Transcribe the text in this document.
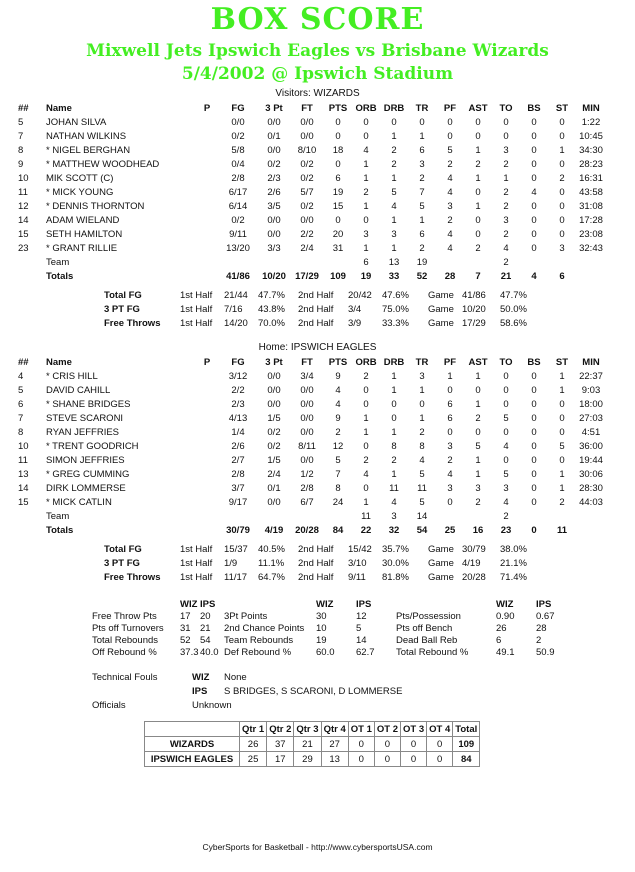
BOX SCORE
Mixwell Jets Ipswich Eagles vs Brisbane Wizards
5/4/2002 @ Ipswich Stadium
Visitors: WIZARDS
##	Name	P	FG	3 Pt	FT	PTS	ORB	DRB	TR	PF	AST	TO	BS	ST	MIN
5	JOHAN SILVA		0/0	0/0	0/0	0	0	0	0	0	0	0	0	0	1:22
7	NATHAN WILKINS		0/2	0/1	0/0	0	0	1	1	0	0	0	0	0	10:45
8	* NIGEL BERGHAN		5/8	0/0	8/10	18	4	2	6	5	1	3	0	1	34:30
9	* MATTHEW WOODHEAD		0/4	0/2	0/2	0	1	2	3	2	2	2	0	0	28:23
10	MIK SCOTT (C)		2/8	2/3	0/2	6	1	1	2	4	1	1	0	2	16:31
11	* MICK YOUNG		6/17	2/6	5/7	19	2	5	7	4	0	2	4	0	43:58
12	* DENNIS THORNTON		6/14	3/5	0/2	15	1	4	5	3	1	2	0	0	31:08
14	ADAM WIELAND		0/2	0/0	0/0	0	0	1	1	2	0	3	0	0	17:28
15	SETH HAMILTON		9/11	0/0	2/2	20	3	3	6	4	0	2	0	0	23:08
23	* GRANT RILLIE		13/20	3/3	2/4	31	1	1	2	4	2	4	0	3	32:43
	Team						6	13	19			2			
	Totals		41/86	10/20	17/29	109	19	33	52	28	7	21	4	6	
Total FG	1st Half	21/44	47.7%	2nd Half	20/42	47.6%	Game	41/86	47.7%
3 PT FG	1st Half	7/16	43.8%	2nd Half	3/4	75.0%	Game	10/20	50.0%
Free Throws	1st Half	14/20	70.0%	2nd Half	3/9	33.3%	Game	17/29	58.6%
Home: IPSWICH EAGLES
##	Name	P	FG	3 Pt	FT	PTS	ORB	DRB	TR	PF	AST	TO	BS	ST	MIN
4	* CRIS HILL		3/12	0/0	3/4	9	2	1	3	1	1	0	0	1	22:37
5	DAVID CAHILL		2/2	0/0	0/0	4	0	1	1	0	0	0	0	1	9:03
6	* SHANE BRIDGES		2/3	0/0	0/0	4	0	0	0	6	1	0	0	0	18:00
7	STEVE SCARONI		4/13	1/5	0/0	9	1	0	1	6	2	5	0	0	27:03
8	RYAN JEFFRIES		1/4	0/2	0/0	2	1	1	2	0	0	0	0	0	4:51
10	* TRENT GOODRICH		2/6	0/2	8/11	12	0	8	8	3	5	4	0	5	36:00
11	SIMON JEFFRIES		2/7	1/5	0/0	5	2	2	4	2	1	0	0	0	19:44
13	* GREG CUMMING		2/8	2/4	1/2	7	4	1	5	4	1	5	0	1	30:06
14	DIRK LOMMERSE		3/7	0/1	2/8	8	0	11	11	3	3	3	0	1	28:30
15	* MICK CATLIN		9/17	0/0	6/7	24	1	4	5	0	2	4	0	2	44:03
	Team						11	3	14			2			
	Totals		30/79	4/19	20/28	84	22	32	54	25	16	23	0	11	
Total FG	1st Half	15/37	40.5%	2nd Half	15/42	35.7%	Game	30/79	38.0%
3 PT FG	1st Half	1/9	11.1%	2nd Half	3/10	30.0%	Game	4/19	21.1%
Free Throws	1st Half	11/17	64.7%	2nd Half	9/11	81.8%	Game	20/28	71.4%
	WIZ	IPS		WIZ	IPS		WIZ	IPS
Free Throw Pts	17	20	3Pt Points	30	12	Pts/Possession	0.90	0.67
Pts off Turnovers	31	21	2nd Chance Points	10	5	Pts off Bench	26	28
Total Rebounds	52	54	Team Rebounds	19	14	Dead Ball Reb	6	2
Off Rebound %	37.3	40.0	Def Rebound %	60.0	62.7	Total Rebound %	49.1	50.9
Technical Fouls	WIZ	None
	IPS	S BRIDGES, S SCARONI, D LOMMERSE
Officials	Unknown	
	Qtr 1	Qtr 2	Qtr 3	Qtr 4	OT 1	OT 2	OT 3	OT 4	Total
WIZARDS	26	37	21	27	0	0	0	0	109
IPSWICH EAGLES	25	17	29	13	0	0	0	0	84
CyberSports for Basketball - http://www.cybersportsUSA.com
